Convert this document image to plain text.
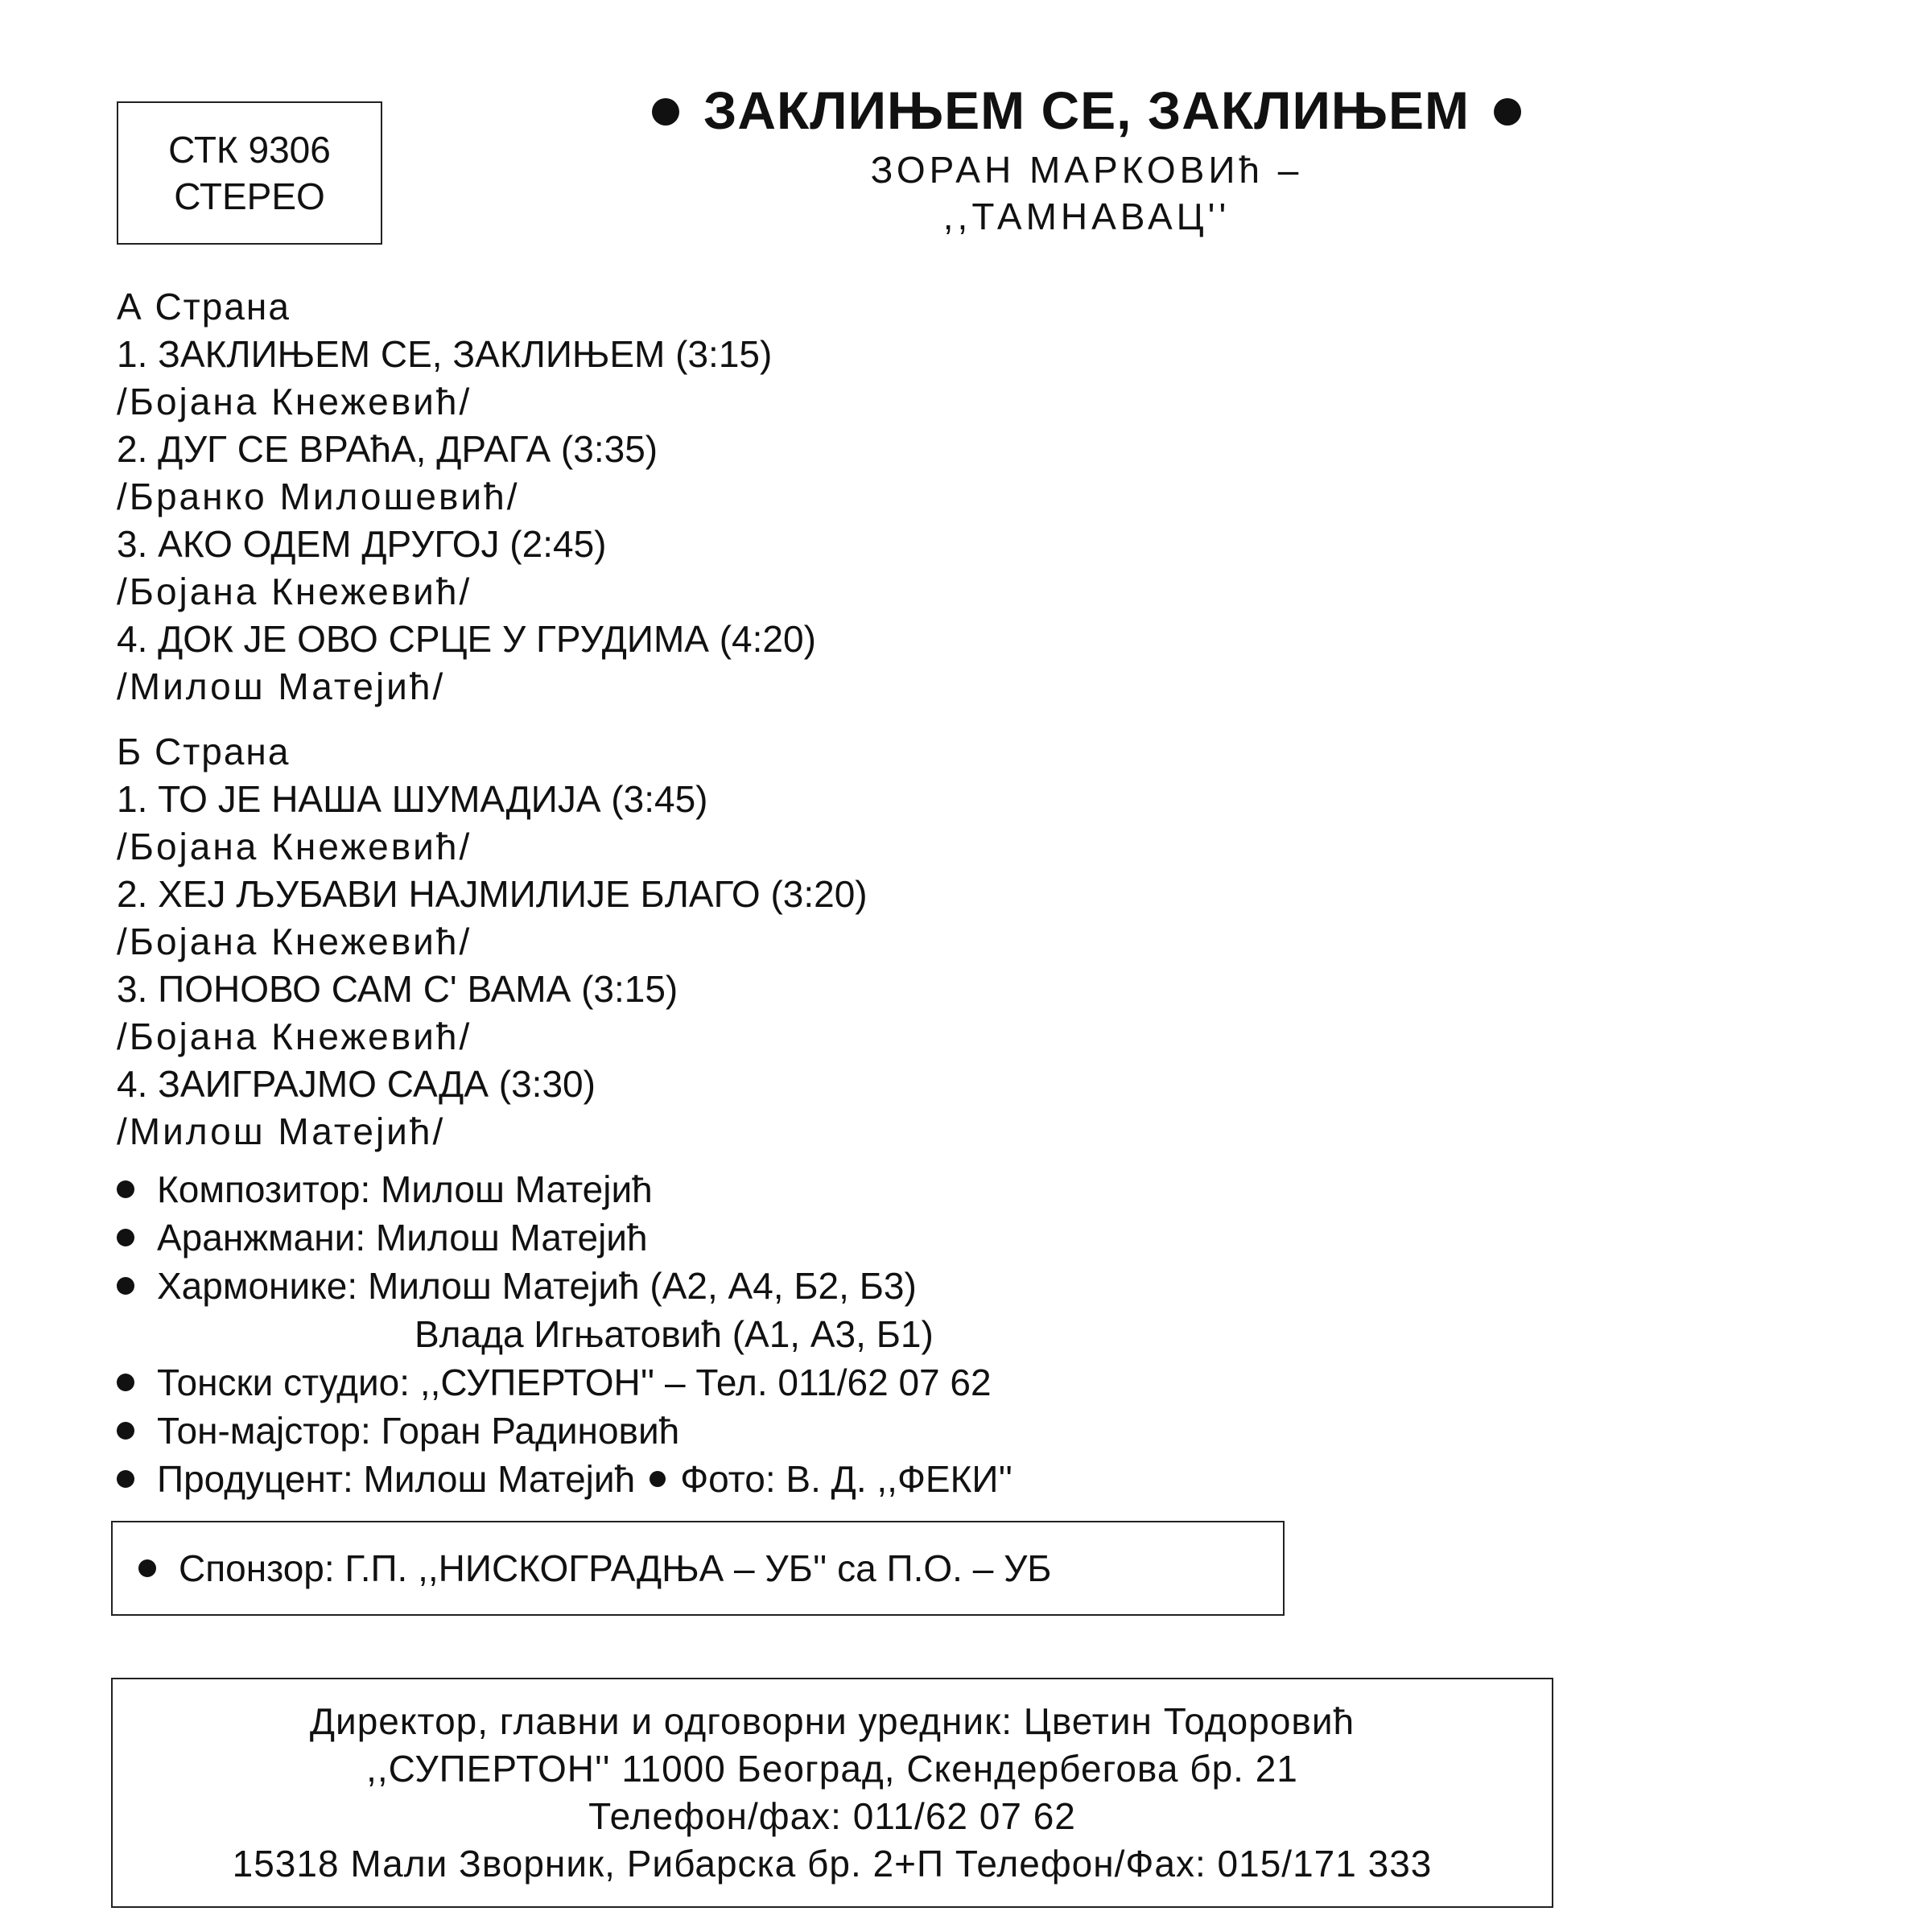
СТК 9306
СТЕРЕО
ЗАКЛИЊЕМ СЕ, ЗАКЛИЊЕМ
ЗОРАН МАРКОВИћ –
,,ТАМНАВАЦ''
А Страна
1. ЗАКЛИЊЕМ СЕ, ЗАКЛИЊЕМ (3:15)
/Бојана Кнежевић/
2. ДУГ СЕ ВРАћА, ДРАГА (3:35)
/Бранко Милошевић/
3. АКО ОДЕМ ДРУГОЈ (2:45)
/Бојана Кнежевић/
4. ДОК ЈЕ ОВО СРЦЕ У ГРУДИМА (4:20)
/Милош Матејић/
Б Страна
1. ТО ЈЕ НАША ШУМАДИЈА (3:45)
/Бојана Кнежевић/
2. ХЕЈ ЉУБАВИ НАЈМИЛИЈЕ БЛАГО (3:20)
/Бојана Кнежевић/
3. ПОНОВО САМ С' ВАМА (3:15)
/Бојана Кнежевић/
4. ЗАИГРАЈМО САДА (3:30)
/Милош Матејић/
Композитор: Милош Матејић
Аранжмани: Милош Матејић
Хармонике: Милош Матејић (А2, А4, Б2, Б3)
Влада Игњатовић (А1, А3, Б1)
Тонски студио: ,,СУПЕРТОН'' – Тел. 011/62 07 62
Тон-мајстор: Горан Радиновић
Продуцент: Милош Матејић Фото: В. Д. ,,ФЕКИ''
Спонзор: Г.П. ,,НИСКОГРАДЊА – УБ'' са П.О. – УБ
Директор, главни и одговорни уредник: Цветин Тодоровић
,,СУПЕРТОН'' 11000 Београд, Скендербегова бр. 21
Телефон/фах: 011/62 07 62
15318 Мали Зворник, Рибарска бр. 2+П Телефон/Фах: 015/171 333
